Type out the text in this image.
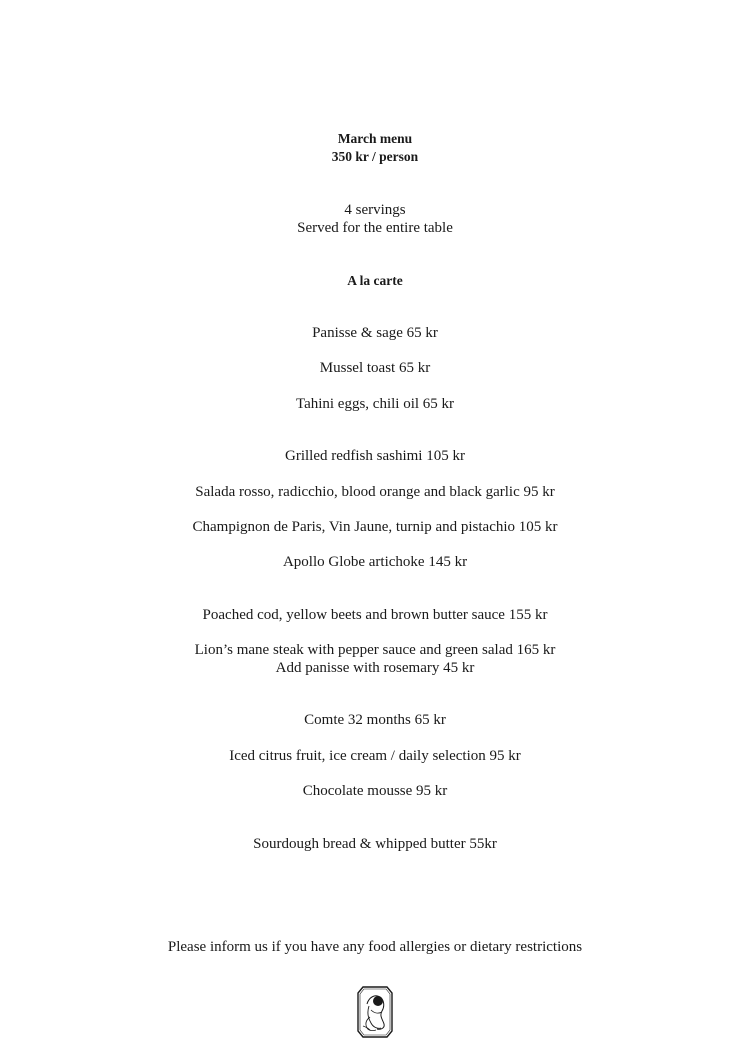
March menu
350 kr / person
4 servings
Served for the entire table
A la carte
Panisse & sage 65 kr
Mussel toast 65 kr
Tahini eggs, chili oil 65 kr
Grilled redfish sashimi 105 kr
Salada rosso, radicchio, blood orange and black garlic 95 kr
Champignon de Paris, Vin Jaune, turnip and pistachio 105 kr
Apollo Globe artichoke 145 kr
Poached cod, yellow beets and brown butter sauce 155 kr
Lion’s mane steak with pepper sauce and green salad 165 kr
Add panisse with rosemary 45 kr
Comte 32 months 65 kr
Iced citrus fruit, ice cream / daily selection 95 kr
Chocolate mousse 95 kr
Sourdough bread & whipped butter 55kr
Please inform us if you have any food allergies or dietary restrictions
